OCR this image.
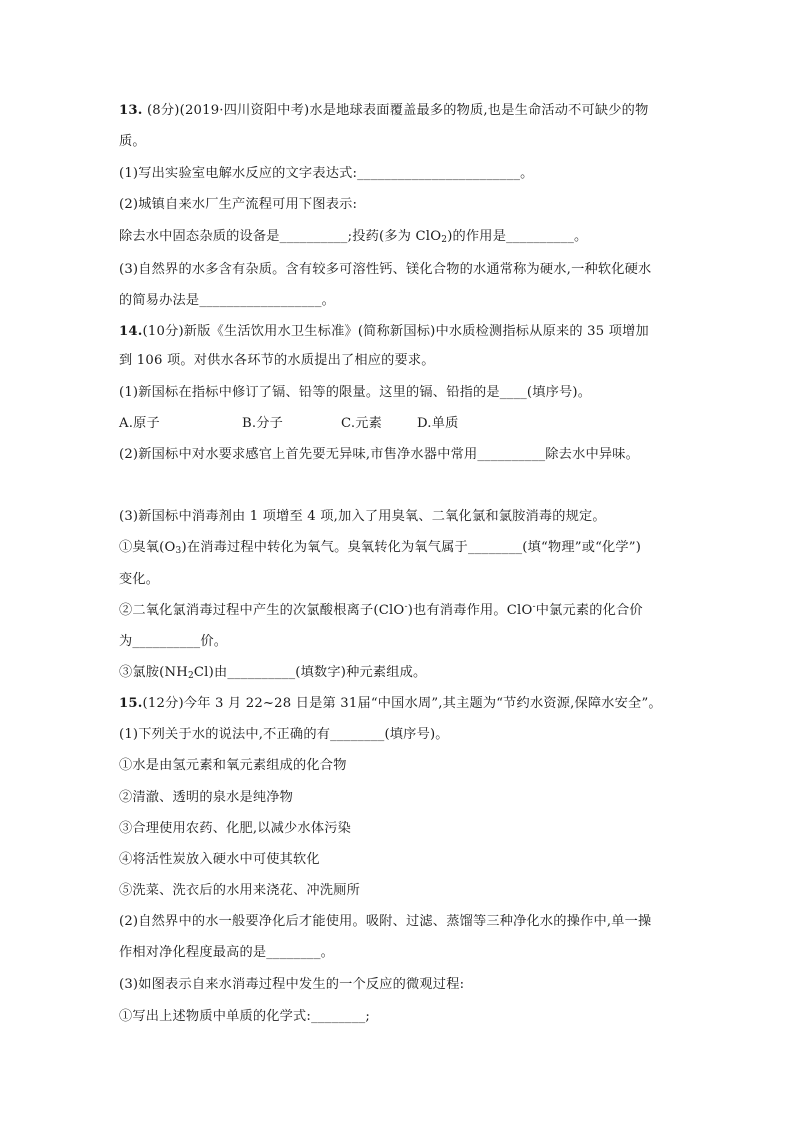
13. (8分)(2019·四川资阳中考)水是地球表面覆盖最多的物质,也是生命活动不可缺少的物
质。
(1)写出实验室电解水反应的文字表达式:________________________。
(2)城镇自来水厂生产流程可用下图表示:
除去水中固态杂质的设备是__________;投药(多为 ClO$_2$)的作用是__________。
(3)自然界的水多含有杂质。含有较多可溶性钙、镁化合物的水通常称为硬水,一种软化硬水
的简易办法是__________________。
14.(10分)新版《生活饮用水卫生标准》(简称新国标)中水质检测指标从原来的 35 项增加
到 106 项。对供水各环节的水质提出了相应的要求。
(1)新国标在指标中修订了镉、铅等的限量。这里的镉、铅指的是____(填序号)。
A.原子	B.分子	C.元素	D.单质
(2)新国标中对水要求感官上首先要无异味,市售净水器中常用__________除去水中异味。
(3)新国标中消毒剂由 1 项增至 4 项,加入了用臭氧、二氧化氯和氯胺消毒的规定。
①臭氧$(O_3)$在消毒过程中转化为氧气。臭氧转化为氧气属于________(填“物理”或“化学”)
变化。
②二氧化氯消毒过程中产生的次氯酸根离子(ClO-)也有消毒作用。ClO-中氯元素的化合价
为__________价。
③氯胺$(NH_2Cl)$由__________(填数字)种元素组成。
15.(12分)今年 3 月 22~28 日是第 31届“中国水周”,其主题为“节约水资源,保障水安全”。
(1)下列关于水的说法中,不正确的有________(填序号)。
①水是由氢元素和氧元素组成的化合物
②清澈、透明的泉水是纯净物
③合理使用农药、化肥,以减少水体污染
④将活性炭放入硬水中可使其软化
⑤洗菜、洗衣后的水用来浇花、冲洗厕所
(2)自然界中的水一般要净化后才能使用。吸附、过滤、蒸馏等三种净化水的操作中,单一操
作相对净化程度最高的是________。
(3)如图表示自来水消毒过程中发生的一个反应的微观过程:
①写出上述物质中单质的化学式:________;
